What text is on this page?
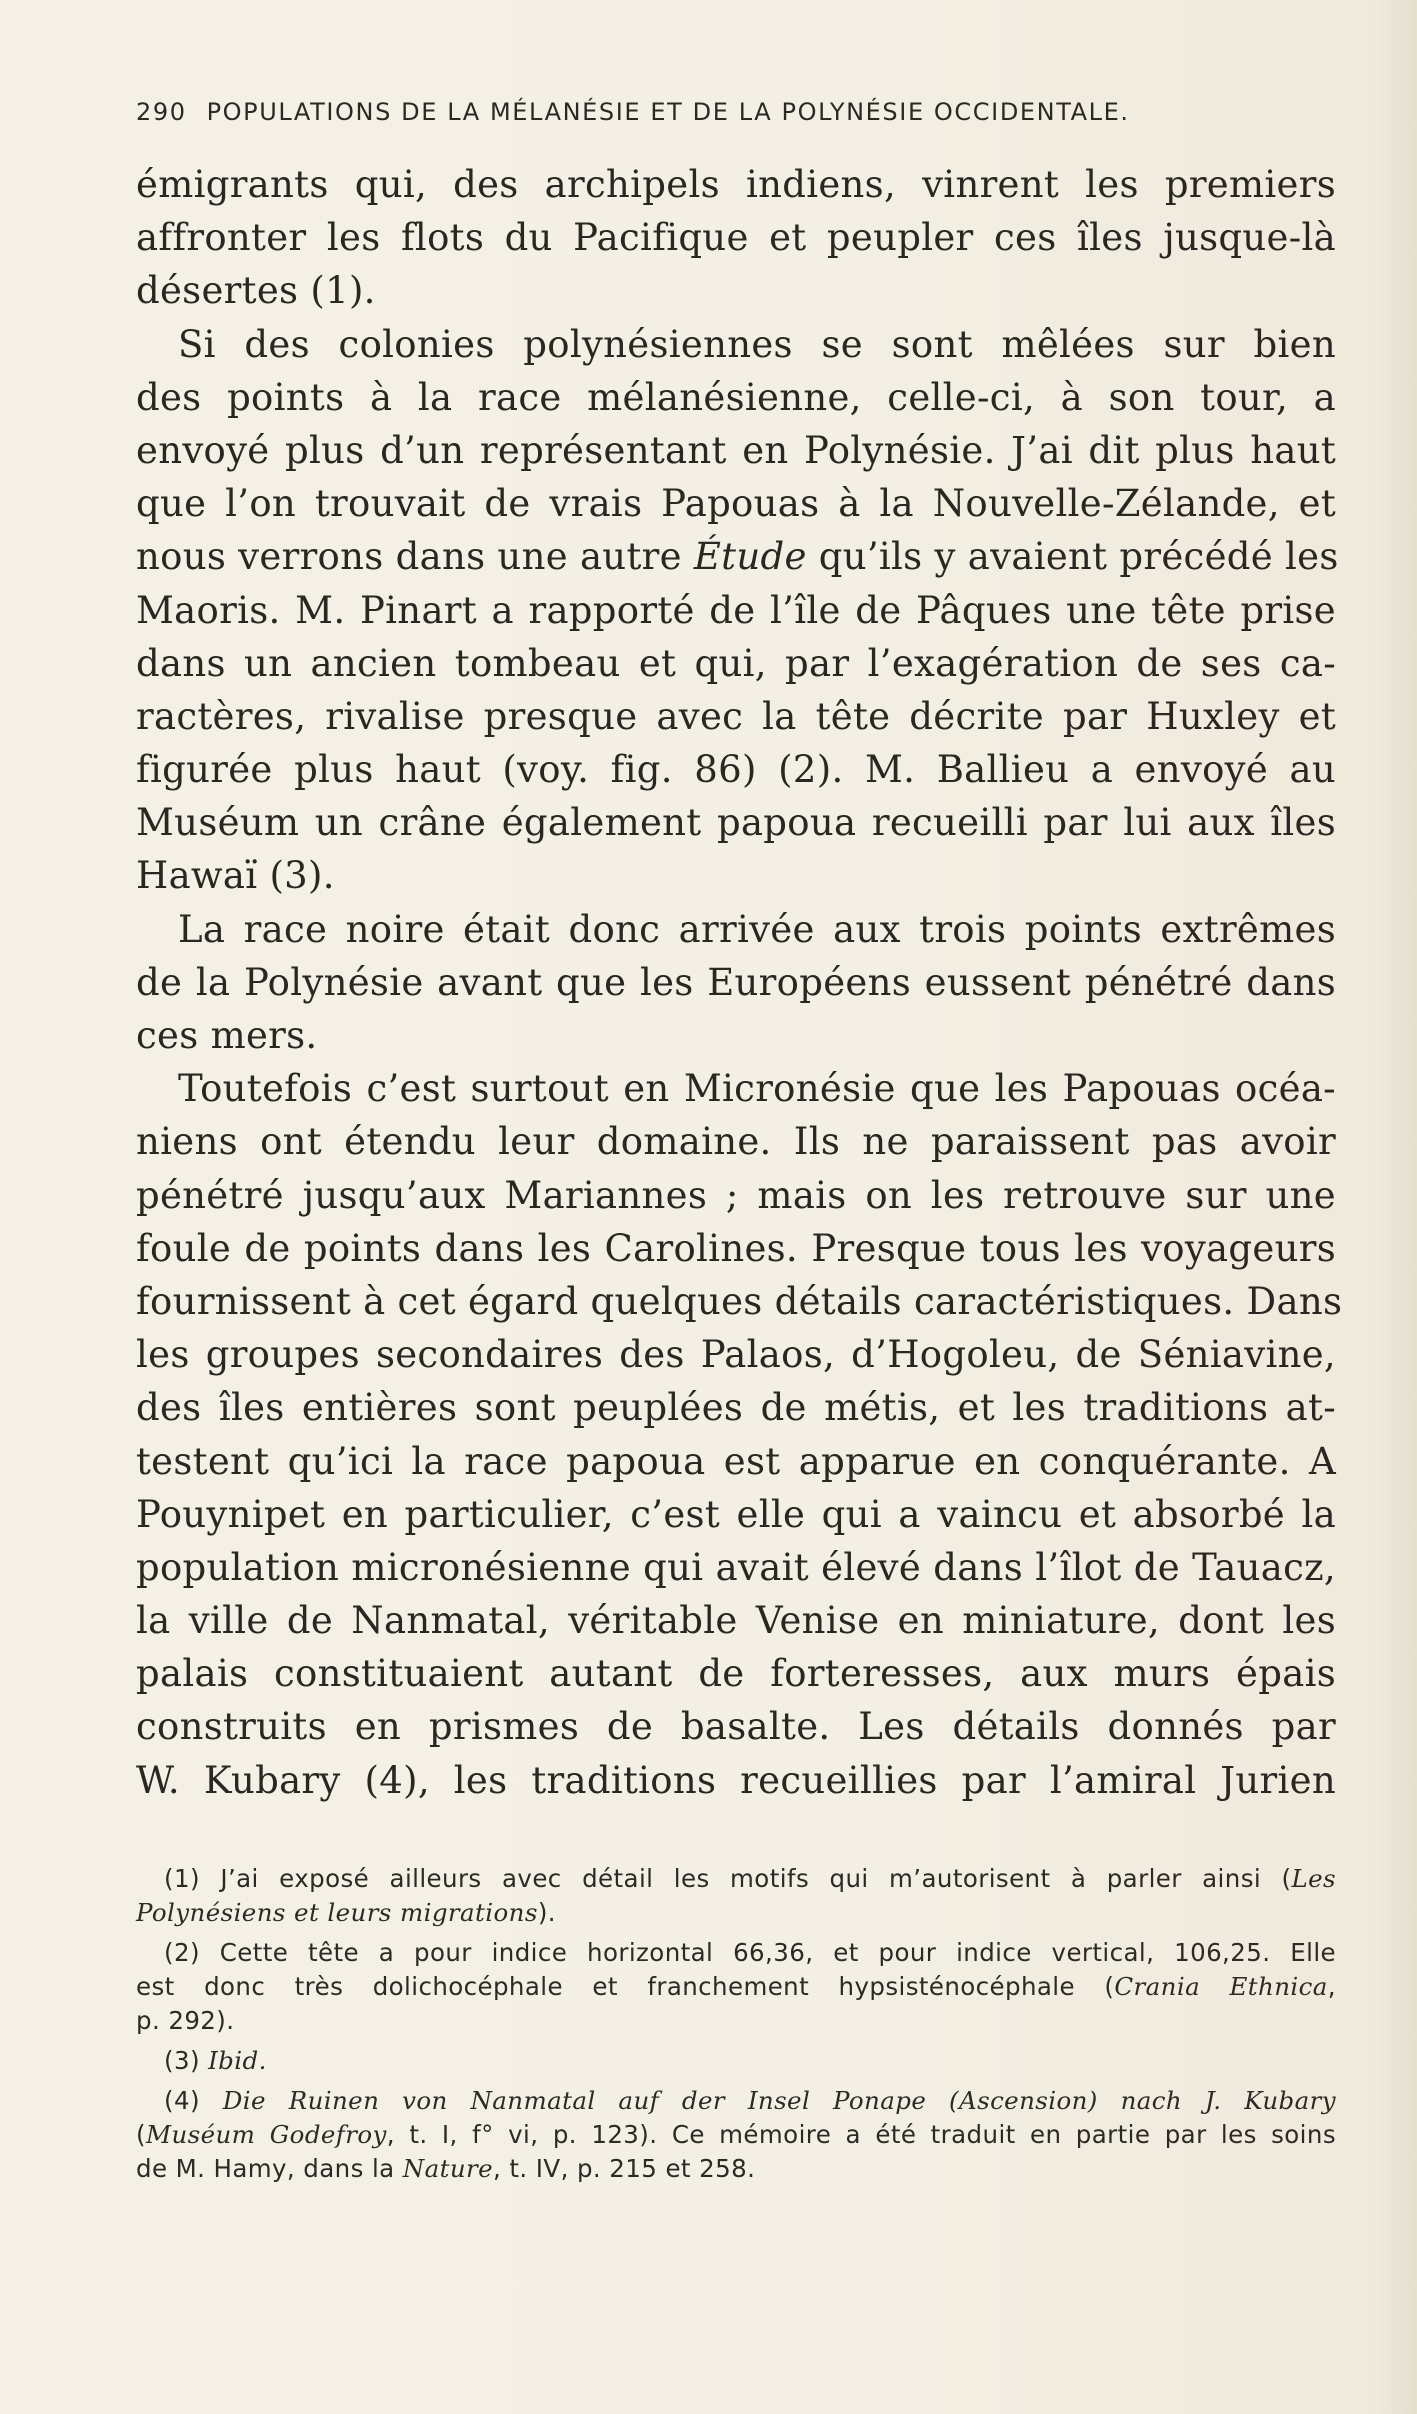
290 POPULATIONS DE LA MÉLANÉSIE ET DE LA POLYNÉSIE OCCIDENTALE.
émigrants qui, des archipels indiens, vinrent les premiers
affronter les flots du Pacifique et peupler ces îles jusque-là
désertes (1).
Si des colonies polynésiennes se sont mêlées sur bien
des points à la race mélanésienne, celle-ci, à son tour, a
envoyé plus d’un représentant en Polynésie. J’ai dit plus haut
que l’on trouvait de vrais Papouas à la Nouvelle-Zélande, et
nous verrons dans une autre Étude qu’ils y avaient précédé les
Maoris. M. Pinart a rapporté de l’île de Pâques une tête prise
dans un ancien tombeau et qui, par l’exagération de ses ca-
ractères, rivalise presque avec la tête décrite par Huxley et
figurée plus haut (voy. fig. 86) (2). M. Ballieu a envoyé au
Muséum un crâne également papoua recueilli par lui aux îles
Hawaï (3).
La race noire était donc arrivée aux trois points extrêmes
de la Polynésie avant que les Européens eussent pénétré dans
ces mers.
Toutefois c’est surtout en Micronésie que les Papouas océa-
niens ont étendu leur domaine. Ils ne paraissent pas avoir
pénétré jusqu’aux Mariannes ; mais on les retrouve sur une
foule de points dans les Carolines. Presque tous les voyageurs
fournissent à cet égard quelques détails caractéristiques. Dans
les groupes secondaires des Palaos, d’Hogoleu, de Séniavine,
des îles entières sont peuplées de métis, et les traditions at-
testent qu’ici la race papoua est apparue en conquérante. A
Pouynipet en particulier, c’est elle qui a vaincu et absorbé la
population micronésienne qui avait élevé dans l’îlot de Tauacz,
la ville de Nanmatal, véritable Venise en miniature, dont les
palais constituaient autant de forteresses, aux murs épais
construits en prismes de basalte. Les détails donnés par
W. Kubary (4), les traditions recueillies par l’amiral Jurien
(1) J’ai exposé ailleurs avec détail les motifs qui m’autorisent à parler ainsi (Les
Polynésiens et leurs migrations).
(2) Cette tête a pour indice horizontal 66,36, et pour indice vertical, 106,25. Elle
est donc très dolichocéphale et franchement hypsisténocéphale (Crania Ethnica,
p. 292).
(3) Ibid.
(4) Die Ruinen von Nanmatal auf der Insel Ponape (Ascension) nach J. Kubary
(Muséum Godefroy, t. I, f° vi, p. 123). Ce mémoire a été traduit en partie par les soins
de M. Hamy, dans la Nature, t. IV, p. 215 et 258.
